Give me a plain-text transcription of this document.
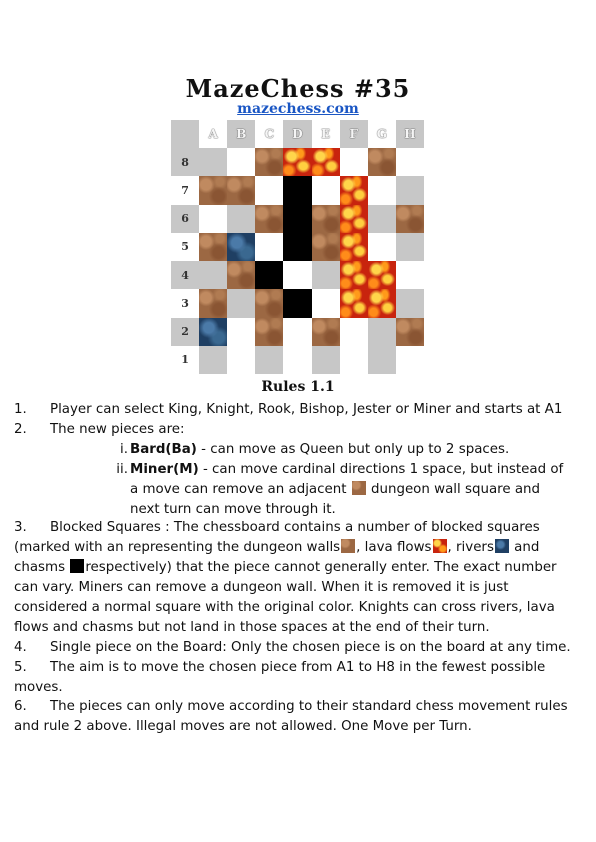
MazeChess #35
mazechess.com
A	B	C	D	E	F	G	H
8
7
6
5
4
3
2
1
Rules 1.1
1. Player can select King, Knight, Rook, Bishop, Jester or Miner and starts at A1
2. The new pieces are:
i. Bard(Ba) - can move as Queen but only up to 2 spaces.
ii. Miner(M) - can move cardinal directions 1 space, but instead of a move can remove an adjacent  dungeon wall square and next turn can move through it.
3. Blocked Squares : The chessboard contains a number of blocked squares (marked with an representing the dungeon walls , lava flows , rivers and chasms respectively) that the piece cannot generally enter. The exact number can vary. Miners can remove a dungeon wall. When it is removed it is just considered a normal square with the original color. Knights can cross rivers, lava flows and chasms but not land in those spaces at the end of their turn.
4. Single piece on the Board: Only the chosen piece is on the board at any time.
5. The aim is to move the chosen piece from A1 to H8 in the fewest possible moves.
6. The pieces can only move according to their standard chess movement rules and rule 2 above. Illegal moves are not allowed. One Move per Turn.
